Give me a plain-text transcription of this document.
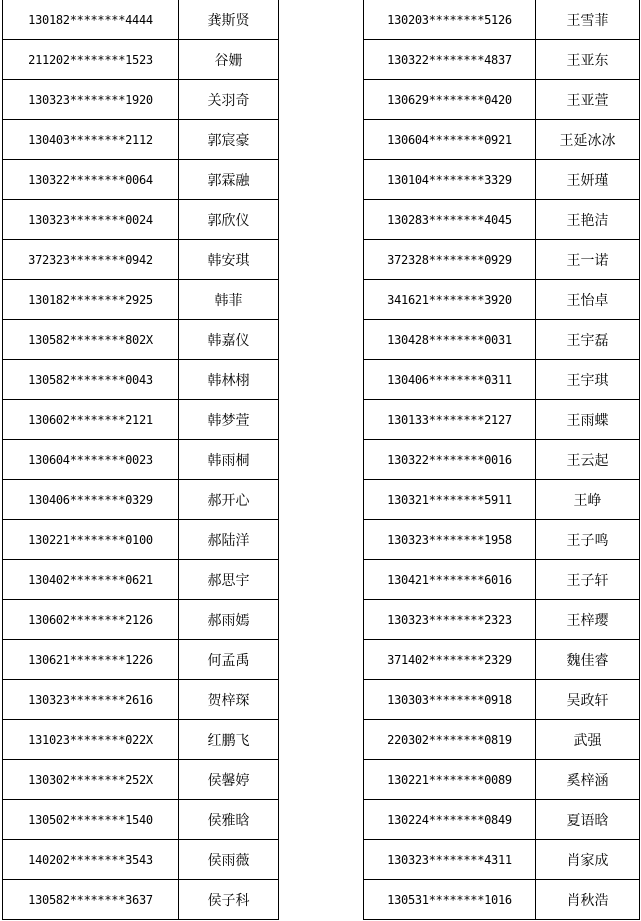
130182********4444	龚斯贤
211202********1523	谷姗
130323********1920	关羽奇
130403********2112	郭宸豪
130322********0064	郭霖融
130323********0024	郭欣仪
372323********0942	韩安琪
130182********2925	韩菲
130582********802X	韩嘉仪
130582********0043	韩林栩
130602********2121	韩梦萱
130604********0023	韩雨桐
130406********0329	郝开心
130221********0100	郝陆洋
130402********0621	郝思宇
130602********2126	郝雨嫣
130621********1226	何孟禹
130323********2616	贺梓琛
131023********022X	红鹏飞
130302********252X	侯馨婷
130502********1540	侯雅晗
140202********3543	侯雨薇
130582********3637	侯子科
130203********5126	王雪菲
130322********4837	王亚东
130629********0420	王亚萱
130604********0921	王延冰冰
130104********3329	王妍瑾
130283********4045	王艳洁
372328********0929	王一诺
341621********3920	王怡卓
130428********0031	王宇磊
130406********0311	王宇琪
130133********2127	王雨蝶
130322********0016	王云起
130321********5911	王峥
130323********1958	王子鸣
130421********6016	王子轩
130323********2323	王梓璎
371402********2329	魏佳睿
130303********0918	吴政轩
220302********0819	武强
130221********0089	奚梓涵
130224********0849	夏语晗
130323********4311	肖家成
130531********1016	肖秋浩
